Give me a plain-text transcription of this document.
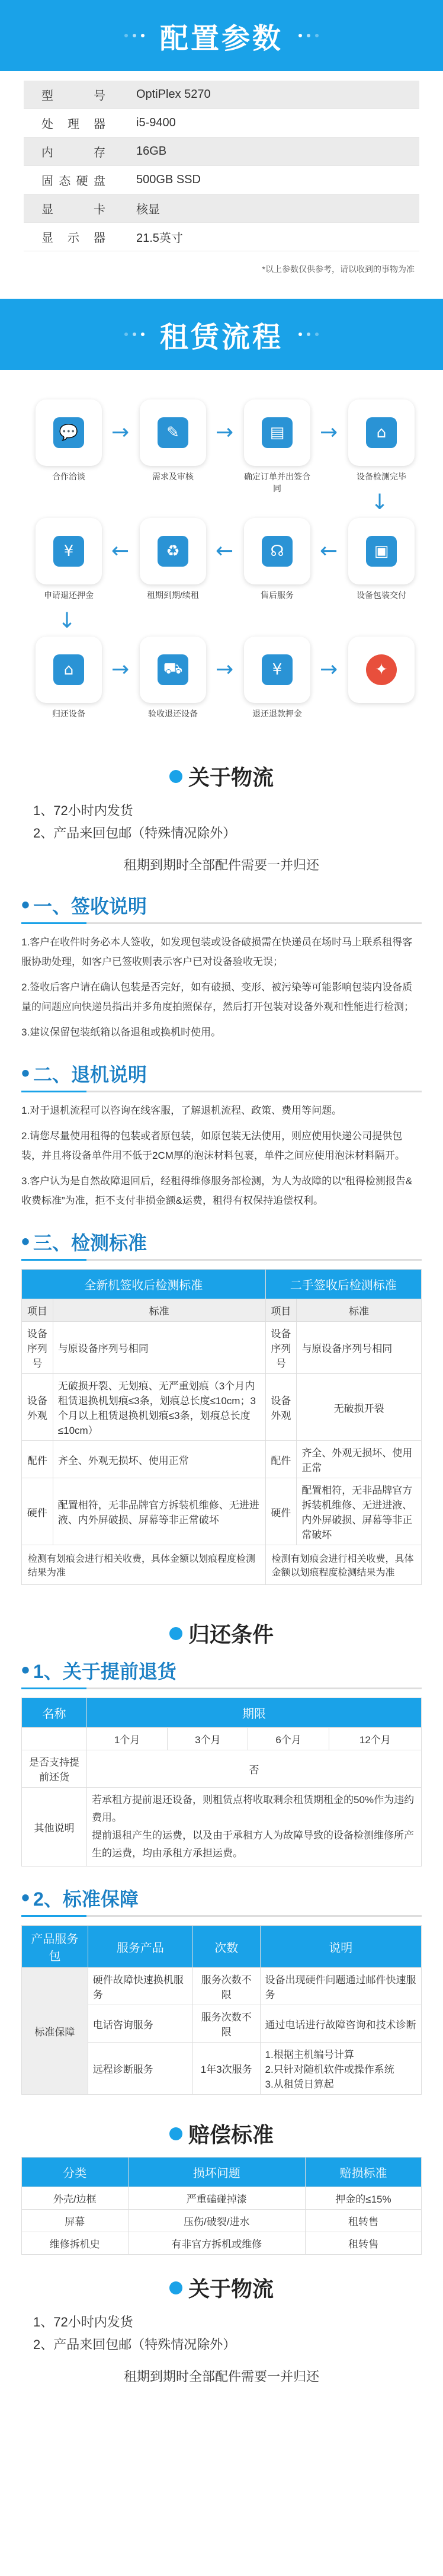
配置参数
型号	OptiPlex 5270
处理器	i5-9400
内存	16GB
固态硬盘	500GB SSD
显卡	核显
显示器	21.5英寸
*以上参数仅供参考，请以收到的事物为准
租赁流程
💬
合作洽谈
→	✎
需求及审核
→	▤
确定订单并出签合同
→	⌂
设备检测完毕
↓
▣
设备包装交付
←
☊
售后服务
←
♻
租期到期/续租
←
¥
申请退还押金
↓
⌂
归还设备
→	⛟
验收退还设备
→	¥
退还退款押金
→	✦
关于物流
1、72小时内发货
2、产品来回包邮（特殊情况除外）
租期到期时全部配件需要一并归还
• 一、签收说明

1.客户在收件时务必本人签收，如发现包装或设备破损需在快递员在场时马上联系租得客服协助处理，如客户已签收则表示客户已对设备验收无误；

2.签收后客户请在确认包装是否完好，如有破损、变形、被污染等可能影响包装内设备质量的问题应向快递员指出并多角度拍照保存，然后打开包装对设备外观和性能进行检测；

3.建议保留包装纸箱以备退租或换机时使用。

• 二、退机说明

1.对于退机流程可以咨询在线客服，了解退机流程、政策、费用等问题。

2.请您尽量使用租得的包装或者原包装，如原包装无法使用，则应使用快递公司提供包装，并且将设备单件用不低于2CM厚的泡沫材料包裹，单件之间应使用泡沫材料隔开。

3.客户认为是自然故障退回后，经租得维修服务部检测，为人为故障的以“租得检测报告&收费标准”为准，拒不支付非损金额&运费，租得有权保持追偿权利。

• 三、检测标准
全新机签收后检测标准		二手签收后检测标准	
项目	标准	项目	标准
设备序列号	与原设备序列号相同	设备序列号	与原设备序列号相同
设备外观	无破损开裂、无划痕、无严重划痕（3个月内租赁退换机划痕≤3条，划痕总长度≤10cm；3个月以上租赁退换机划痕≤3条，划痕总长度≤10cm）	设备外观	无破损开裂
配件	齐全、外观无损坏、使用正常	配件	齐全、外观无损坏、使用正常
硬件	配置相符，无非品牌官方拆装机维修、无进进液、内外屏破损、屏幕等非正常破坏	硬件	配置相符，无非品牌官方拆装机维修、无进进液、内外屏破损、屏幕等非正常破坏
检测有划痕会进行相关收费，具体金额以划痕程度检测结果为准		检测有划痕会进行相关收费，具体金额以划痕程度检测结果为准	
归还条件
• 1、关于提前退货
名称	期限			
	1个月	3个月	6个月	12个月
是否支持提前还货	否			
其他说明	若承租方提前退还设备，则租赁点将收取剩余租赁期租金的50%作为违约费用。
提前退租产生的运费，以及由于承租方人为故障导致的设备检测维修所产生的运费，均由承租方承担运费。			
• 2、标准保障
产品服务包	服务产品	次数	说明
标准保障	硬件故障快速换机服务	服务次数不限	设备出现硬件问题通过邮件快速服务
	电话咨询服务	服务次数不限	通过电话进行故障咨询和技术诊断
	远程诊断服务	1年3次服务	1.根据主机编号计算
2.只针对随机软件或操作系统
3.从租赁日算起
赔偿标准
分类	损坏问题	赔损标准
外壳/边框	严重磕碰掉漆	押金的≤15%
屏幕	压伤/破裂/进水	租转售
维修拆机史	有非官方拆机或维修	租转售
关于物流
1、72小时内发货
2、产品来回包邮（特殊情况除外）
租期到期时全部配件需要一并归还
